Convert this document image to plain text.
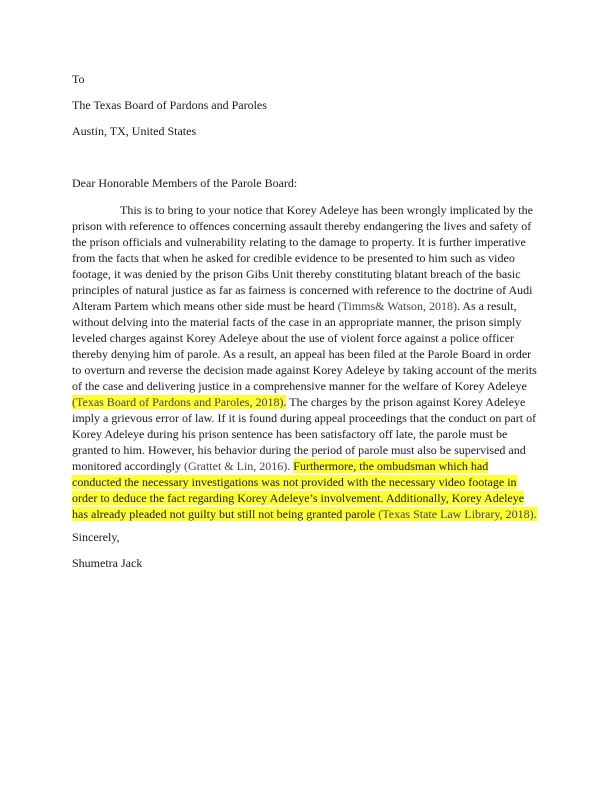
To
The Texas Board of Pardons and Paroles
Austin, TX, United States
Dear Honorable Members of the Parole Board:

This is to bring to your notice that Korey Adeleye has been wrongly implicated by the prison with reference to offences concerning assault thereby endangering the lives and safety of the prison officials and vulnerability relating to the damage to property. It is further imperative from the facts that when he asked for credible evidence to be presented to him such as video footage, it was denied by the prison Gibs Unit thereby constituting blatant breach of the basic principles of natural justice as far as fairness is concerned with reference to the doctrine of Audi Alteram Partem which means other side must be heard (Timms& Watson, 2018). As a result, without delving into the material facts of the case in an appropriate manner, the prison simply leveled charges against Korey Adeleye about the use of violent force against a police officer thereby denying him of parole. As a result, an appeal has been filed at the Parole Board in order to overturn and reverse the decision made against Korey Adeleye by taking account of the merits of the case and delivering justice in a comprehensive manner for the welfare of Korey Adeleye (Texas Board of Pardons and Paroles, 2018). The charges by the prison against Korey Adeleye imply a grievous error of law. If it is found during appeal proceedings that the conduct on part of Korey Adeleye during his prison sentence has been satisfactory off late, the parole must be granted to him. However, his behavior during the period of parole must also be supervised and monitored accordingly (Grattet & Lin, 2016). Furthermore, the ombudsman which had conducted the necessary investigations was not provided with the necessary video footage in order to deduce the fact regarding Korey Adeleye’s involvement. Additionally, Korey Adeleye has already pleaded not guilty but still not being granted parole (Texas State Law Library, 2018).

Sincerely,
Shumetra Jack
